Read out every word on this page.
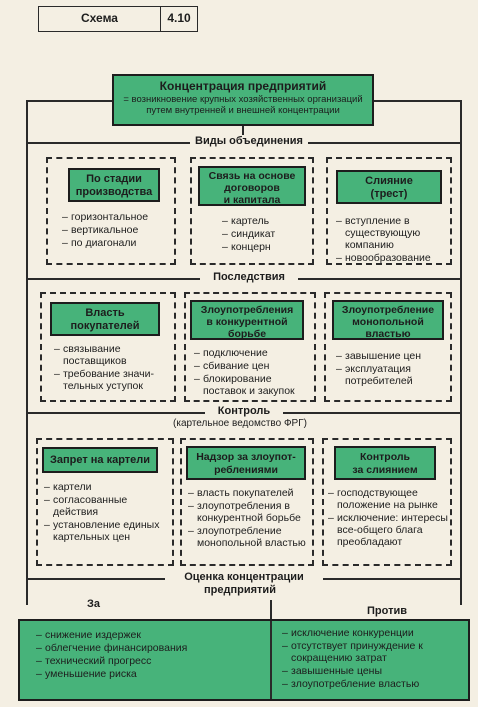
Схема	4.10
Концентрация предприятий
= возникновение крупных хозяйственных организаций
путем внутренней и внешней концентрации
Виды объединения
Последствия
Контроль
(картельное ведомство ФРГ)
Оценка концентрации
предприятий
По стадии
производства
– горизонтальное
– вертикальное
– по диагонали
Связь на основе
договоров
и капитала
– картель
– синдикат
– концерн
Слияние
(трест)
– вступление в существующую компанию
– новообразование
Власть
покупателей
– связывание поставщиков
– требование значи-тельных уступок
Злоупотребления
в конкурентной
борьбе
– подключение
– сбивание цен
– блокирование поставок и закупок
Злоупотребление
монопольной
властью
– завышение цен
– эксплуатация потребителей
Запрет на картели
– картели
– согласованные действия
– установление единых картельных цен
Надзор за злоупот-
реблениями
– власть покупателей
– злоупотребления в конкурентной борьбе
– злоупотребление монопольной властью
Контроль
за слиянием
– господствующее положение на рынке
– исключение: интересы все-общего блага преобладают
За
Против
– снижение издержек
– облегчение финансирования
– технический прогресс
– уменьшение риска
– исключение конкуренции
– отсутствует принуждение к сокращению затрат
– завышенные цены
– злоупотребление властью
